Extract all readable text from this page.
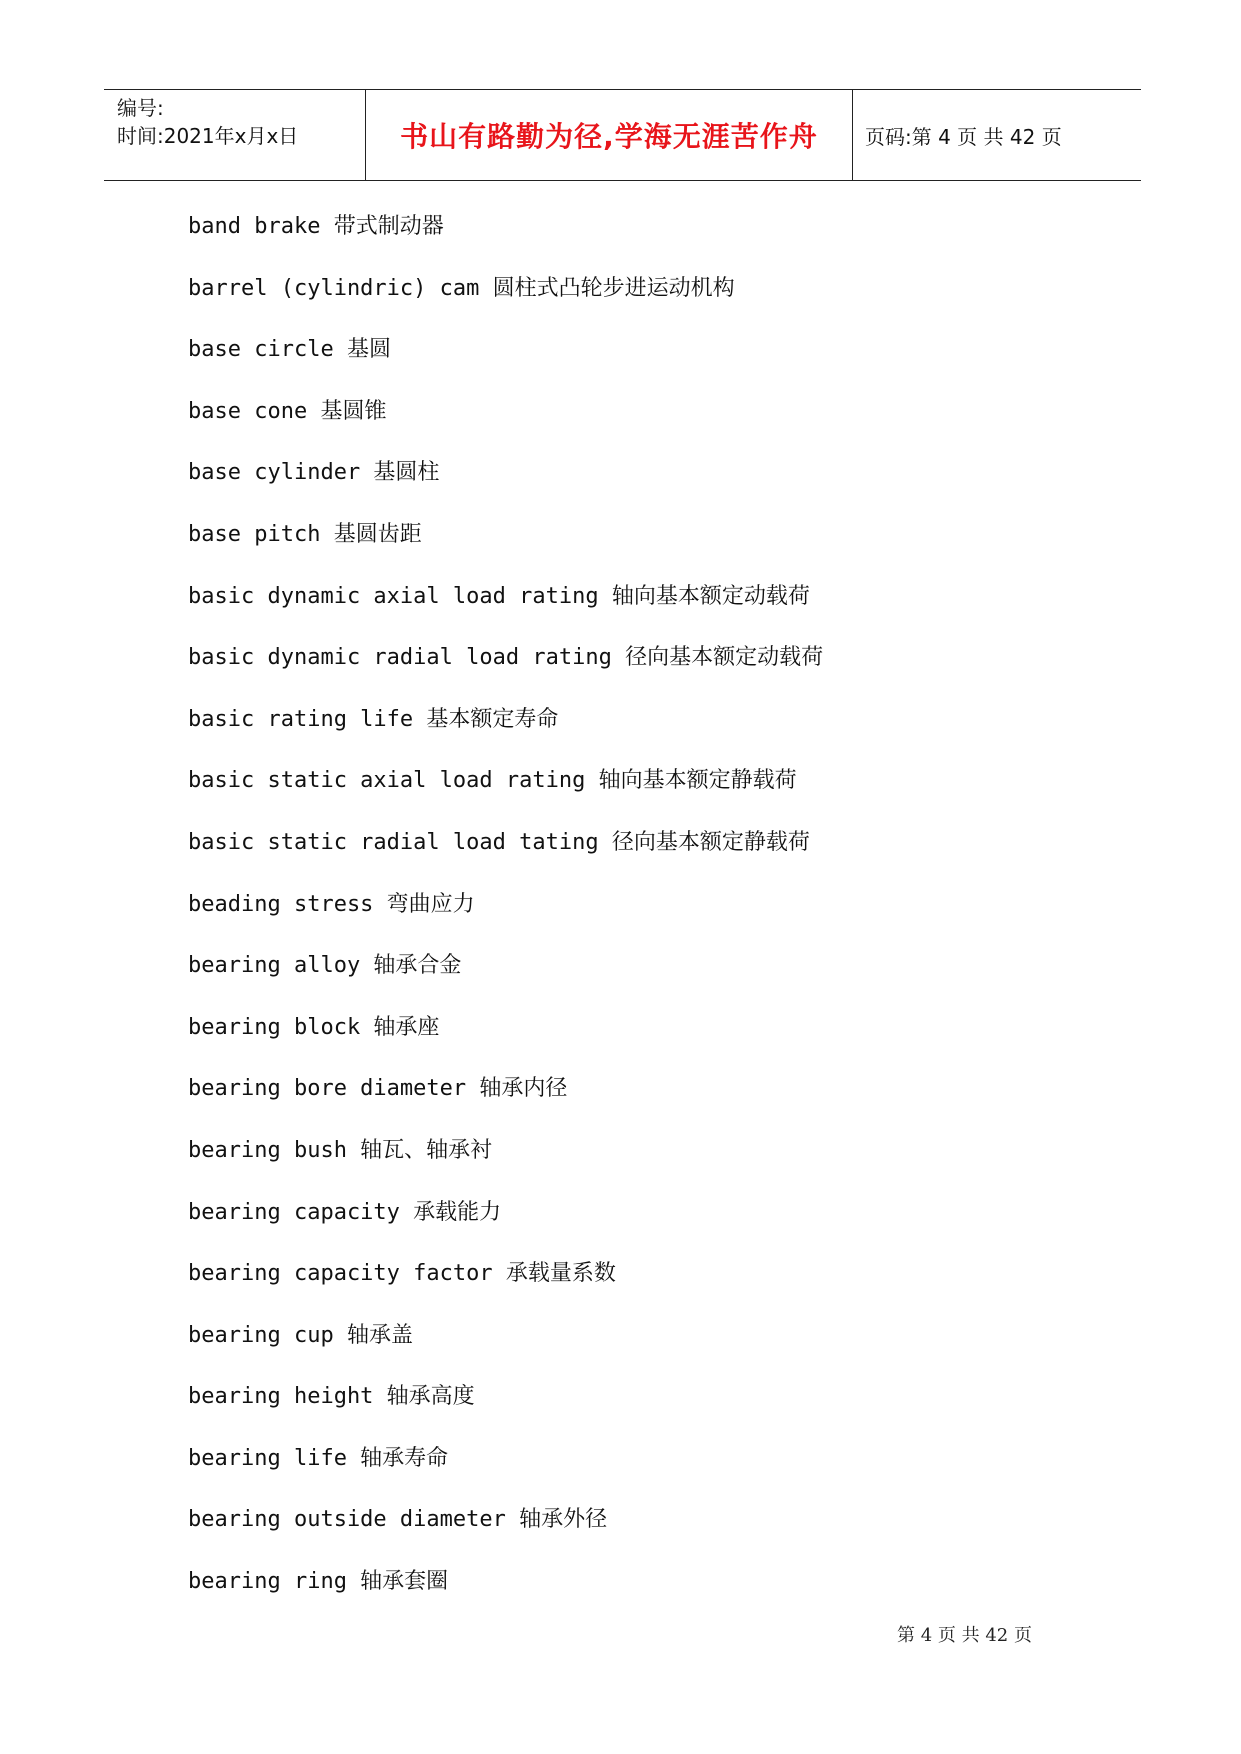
编号:
时间:2021年x月x日	书山有路勤为径,学海无涯苦作舟 页码:第 4 页 共 42 页
band brake 带式制动器
barrel (cylindric) cam 圆柱式凸轮步进运动机构
base circle 基圆
base cone 基圆锥
base cylinder 基圆柱
base pitch 基圆齿距
basic dynamic axial load rating 轴向基本额定动载荷
basic dynamic radial load rating 径向基本额定动载荷
basic rating life 基本额定寿命
basic static axial load rating 轴向基本额定静载荷
basic static radial load tating 径向基本额定静载荷
beading stress 弯曲应力
bearing alloy 轴承合金
bearing block 轴承座
bearing bore diameter 轴承内径
bearing bush 轴瓦、轴承衬
bearing capacity 承载能力
bearing capacity factor 承载量系数
bearing cup 轴承盖
bearing height 轴承高度
bearing life 轴承寿命
bearing outside diameter 轴承外径
bearing ring 轴承套圈
第 4 页 共 42 页
